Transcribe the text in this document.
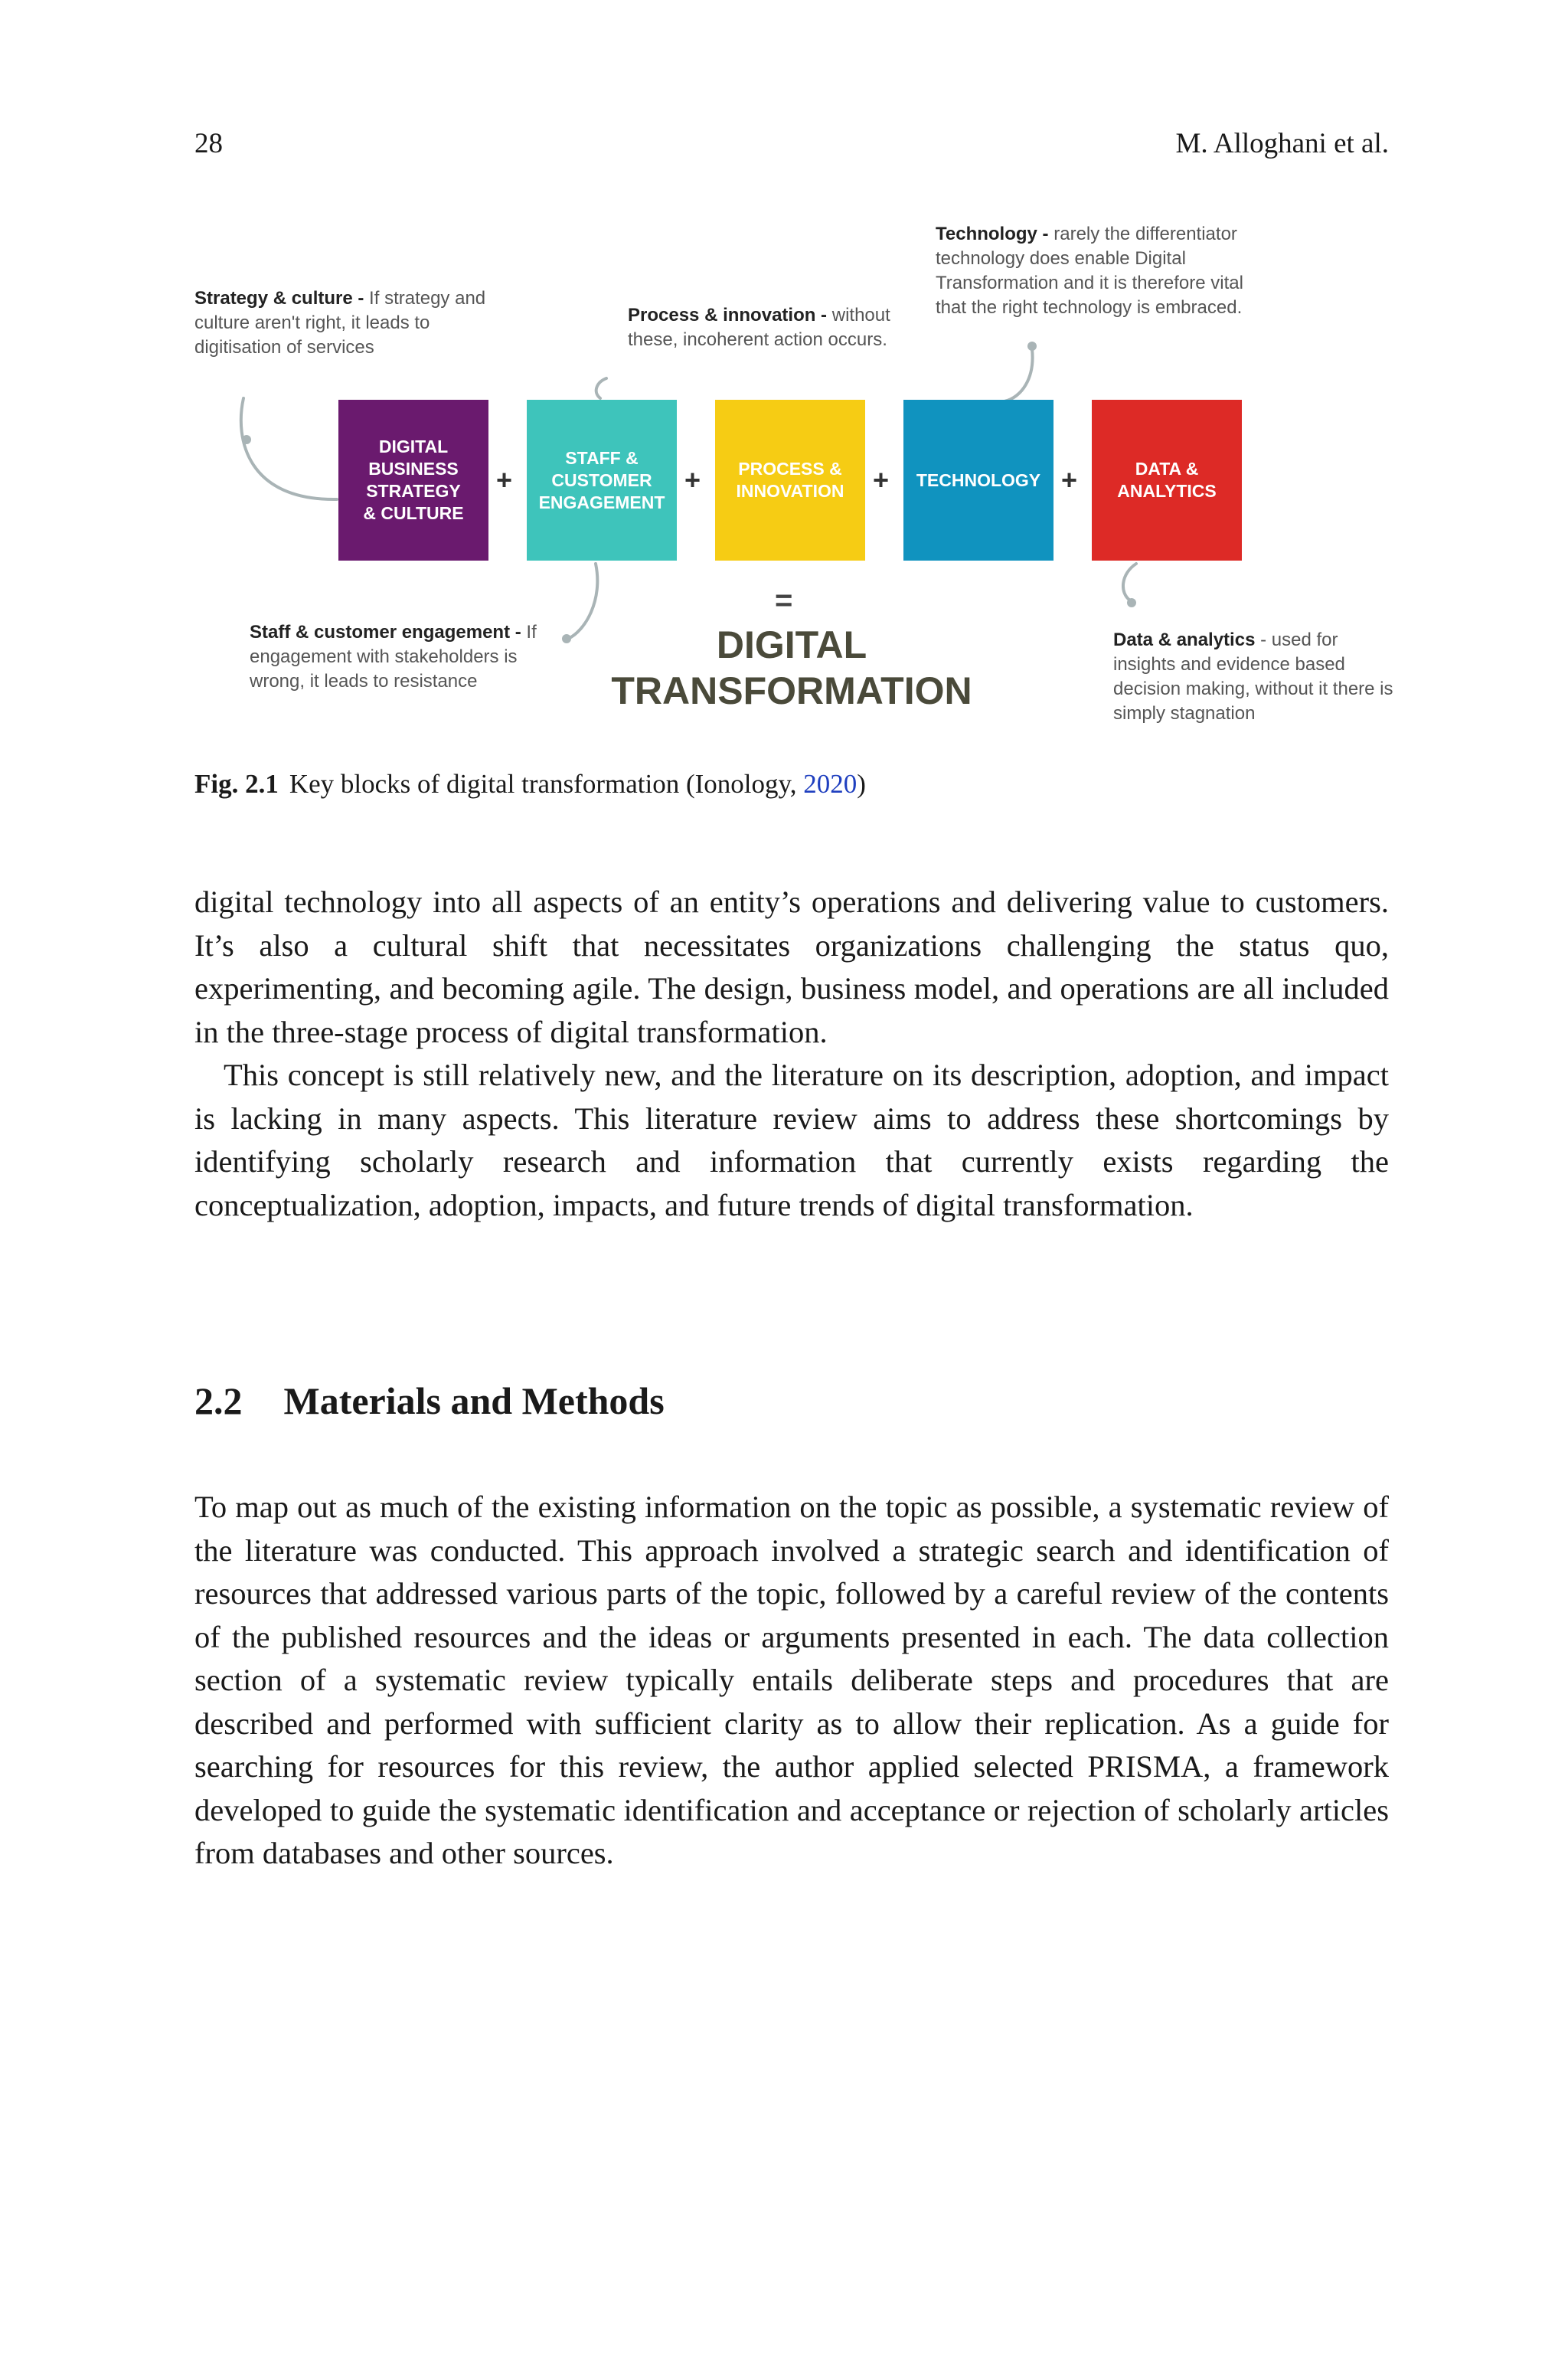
28	M. Alloghani et al.
Strategy & culture - If strategy and culture aren't right, it leads to digitisation of services
Process & innovation - without these, incoherent action occurs.
Technology - rarely the differentiator technology does enable Digital Transformation and it is therefore vital that the right technology is embraced.
Staff & customer engagement - If engagement with stakeholders is wrong, it leads to resistance
Data & analytics - used for insights and evidence based decision making, without it there is simply stagnation
DIGITAL
BUSINESS
STRATEGY
& CULTURE
+
STAFF &
CUSTOMER
ENGAGEMENT
+	PROCESS &
INNOVATION	+	TECHNOLOGY +	DATA &
ANALYTICS
=
DIGITAL
TRANSFORMATION
Fig. 2.1 Key blocks of digital transformation (Ionology, 2020)

digital technology into all aspects of an entity’s operations and delivering value to customers. It’s also a cultural shift that necessitates organizations challenging the status quo, experimenting, and becoming agile. The design, business model, and operations are all included in the three-stage process of digital transformation.

This concept is still relatively new, and the literature on its description, adoption, and impact is lacking in many aspects. This literature review aims to address these shortcomings by identifying scholarly research and information that currently exists regarding the conceptualization, adoption, impacts, and future trends of digital transformation.

2.2 Materials and Methods

To map out as much of the existing information on the topic as possible, a systematic review of the literature was conducted. This approach involved a strategic search and identification of resources that addressed various parts of the topic, followed by a careful review of the contents of the published resources and the ideas or arguments presented in each. The data collection section of a systematic review typically entails deliberate steps and procedures that are described and performed with sufficient clarity as to allow their replication. As a guide for searching for resources for this review, the author applied selected PRISMA, a framework developed to guide the systematic identification and acceptance or rejection of scholarly articles from databases and other sources.
